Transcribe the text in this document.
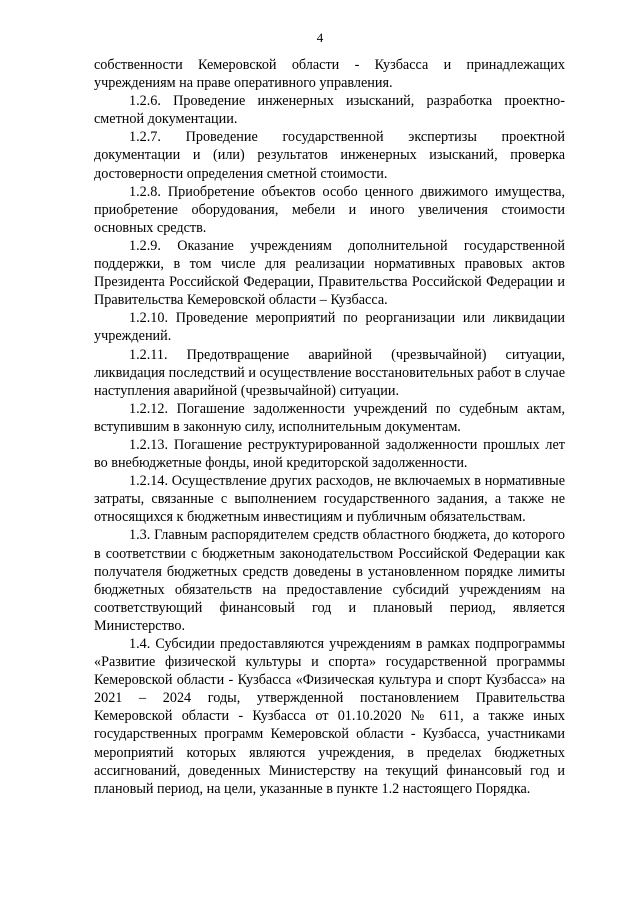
4

собственности Кемеровской области - Кузбасса и принадлежащих учреждениям на праве оперативного управления.

1.2.6. Проведение инженерных изысканий, разработка проектно-сметной документации.

1.2.7. Проведение государственной экспертизы проектной документации и (или) результатов инженерных изысканий, проверка достоверности определения сметной стоимости.

1.2.8. Приобретение объектов особо ценного движимого имущества, приобретение оборудования, мебели и иного увеличения стоимости основных средств.

1.2.9. Оказание учреждениям дополнительной государственной поддержки, в том числе для реализации нормативных правовых актов Президента Российской Федерации, Правительства Российской Федерации и Правительства Кемеровской области – Кузбасса.

1.2.10. Проведение мероприятий по реорганизации или ликвидации учреждений.

1.2.11. Предотвращение аварийной (чрезвычайной) ситуации, ликвидация последствий и осуществление восстановительных работ в случае наступления аварийной (чрезвычайной) ситуации.

1.2.12. Погашение задолженности учреждений по судебным актам, вступившим в законную силу, исполнительным документам.

1.2.13. Погашение реструктурированной задолженности прошлых лет во внебюджетные фонды, иной кредиторской задолженности.

1.2.14. Осуществление других расходов, не включаемых в нормативные затраты, связанные с выполнением государственного задания, а также не относящихся к бюджетным инвестициям и публичным обязательствам.

1.3. Главным распорядителем средств областного бюджета, до которого в соответствии с бюджетным законодательством Российской Федерации как получателя бюджетных средств доведены в установленном порядке лимиты бюджетных обязательств на предоставление субсидий учреждениям на соответствующий финансовый год и плановый период, является Министерство.

1.4. Субсидии предоставляются учреждениям в рамках подпрограммы «Развитие физической культуры и спорта» государственной программы Кемеровской области - Кузбасса «Физическая культура и спорт Кузбасса» на 2021 – 2024 годы, утвержденной постановлением Правительства Кемеровской области - Кузбасса от 01.10.2020 № 611, а также иных государственных программ Кемеровской области - Кузбасса, участниками мероприятий которых являются учреждения, в пределах бюджетных ассигнований, доведенных Министерству на текущий финансовый год и плановый период, на цели, указанные в пункте 1.2 настоящего Порядка.
